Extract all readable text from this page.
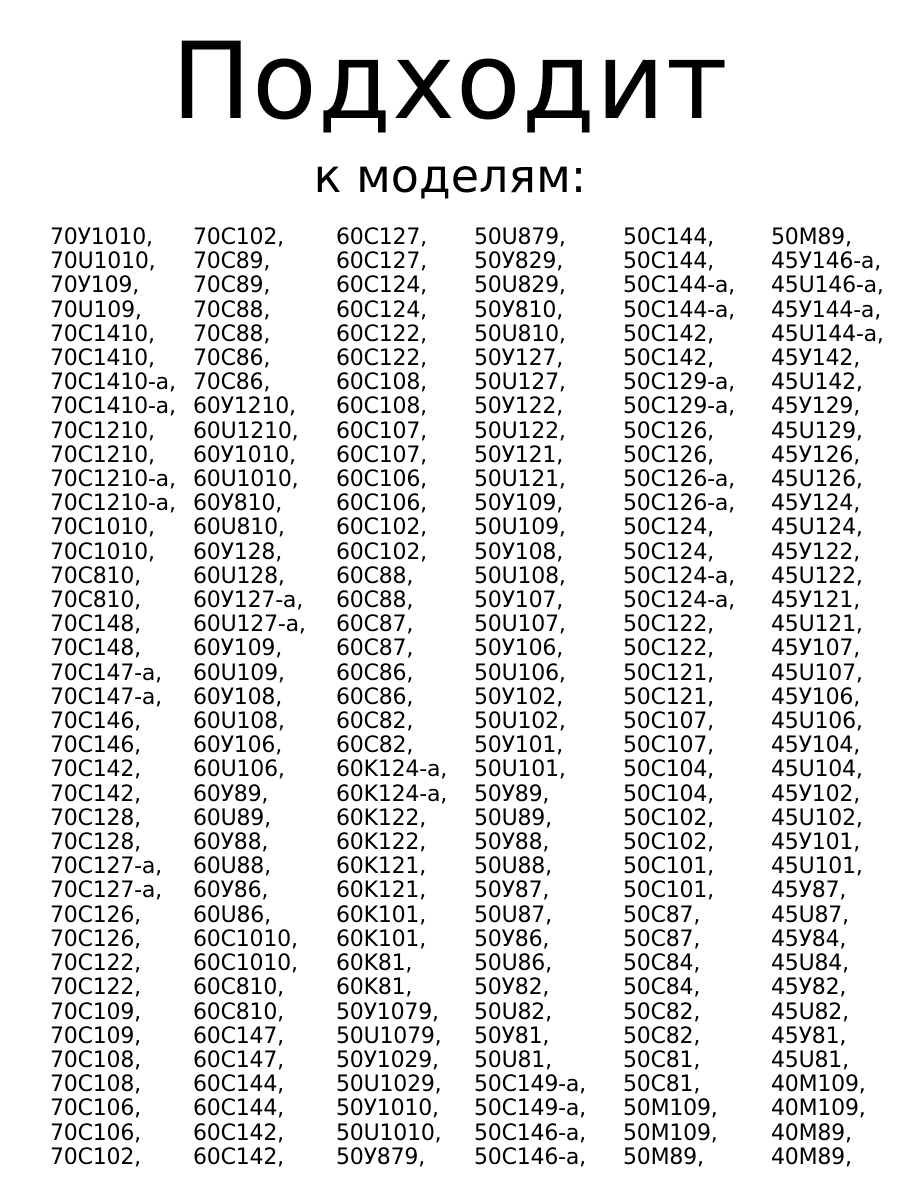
Подходит
к моделям:
70У1010,
70U1010,
70У109,
70U109,
70C1410,
70C1410,
70C1410-a,
70C1410-a,
70C1210,
70C1210,
70C1210-a,
70C1210-a,
70C1010,
70C1010,
70C810,
70C810,
70C148,
70C148,
70C147-a,
70C147-a,
70C146,
70C146,
70C142,
70C142,
70C128,
70C128,
70C127-a,
70C127-a,
70C126,
70C126,
70C122,
70C122,
70C109,
70C109,
70C108,
70C108,
70C106,
70C106,
70C102,
70C102,
70C89,
70C89,
70C88,
70C88,
70C86,
70C86,
60У1210,
60U1210,
60У1010,
60U1010,
60У810,
60U810,
60У128,
60U128,
60У127-a,
60U127-a,
60У109,
60U109,
60У108,
60U108,
60У106,
60U106,
60У89,
60U89,
60У88,
60U88,
60У86,
60U86,
60C1010,
60C1010,
60C810,
60C810,
60C147,
60C147,
60C144,
60C144,
60C142,
60C142,
60C127,
60C127,
60C124,
60C124,
60C122,
60C122,
60C108,
60C108,
60C107,
60C107,
60C106,
60C106,
60C102,
60C102,
60C88,
60C88,
60C87,
60C87,
60C86,
60C86,
60C82,
60C82,
60K124-a,
60K124-a,
60K122,
60K122,
60K121,
60K121,
60K101,
60K101,
60K81,
60K81,
50У1079,
50U1079,
50У1029,
50U1029,
50У1010,
50U1010,
50У879,
50U879,
50У829,
50U829,
50У810,
50U810,
50У127,
50U127,
50У122,
50U122,
50У121,
50U121,
50У109,
50U109,
50У108,
50U108,
50У107,
50U107,
50У106,
50U106,
50У102,
50U102,
50У101,
50U101,
50У89,
50U89,
50У88,
50U88,
50У87,
50U87,
50У86,
50U86,
50У82,
50U82,
50У81,
50U81,
50C149-a,
50C149-a,
50C146-a,
50C146-a,
50C144,
50C144,
50C144-a,
50C144-a,
50C142,
50C142,
50C129-a,
50C129-a,
50C126,
50C126,
50C126-a,
50C126-a,
50C124,
50C124,
50C124-a,
50C124-a,
50C122,
50C122,
50C121,
50C121,
50C107,
50C107,
50C104,
50C104,
50C102,
50C102,
50C101,
50C101,
50C87,
50C87,
50C84,
50C84,
50C82,
50C82,
50C81,
50C81,
50M109,
50M109,
50M89,
50M89,
45У146-a,
45U146-a,
45У144-a,
45U144-a,
45У142,
45U142,
45У129,
45U129,
45У126,
45U126,
45У124,
45U124,
45У122,
45U122,
45У121,
45U121,
45У107,
45U107,
45У106,
45U106,
45У104,
45U104,
45У102,
45U102,
45У101,
45U101,
45У87,
45U87,
45У84,
45U84,
45У82,
45U82,
45У81,
45U81,
40M109,
40M109,
40M89,
40M89,
